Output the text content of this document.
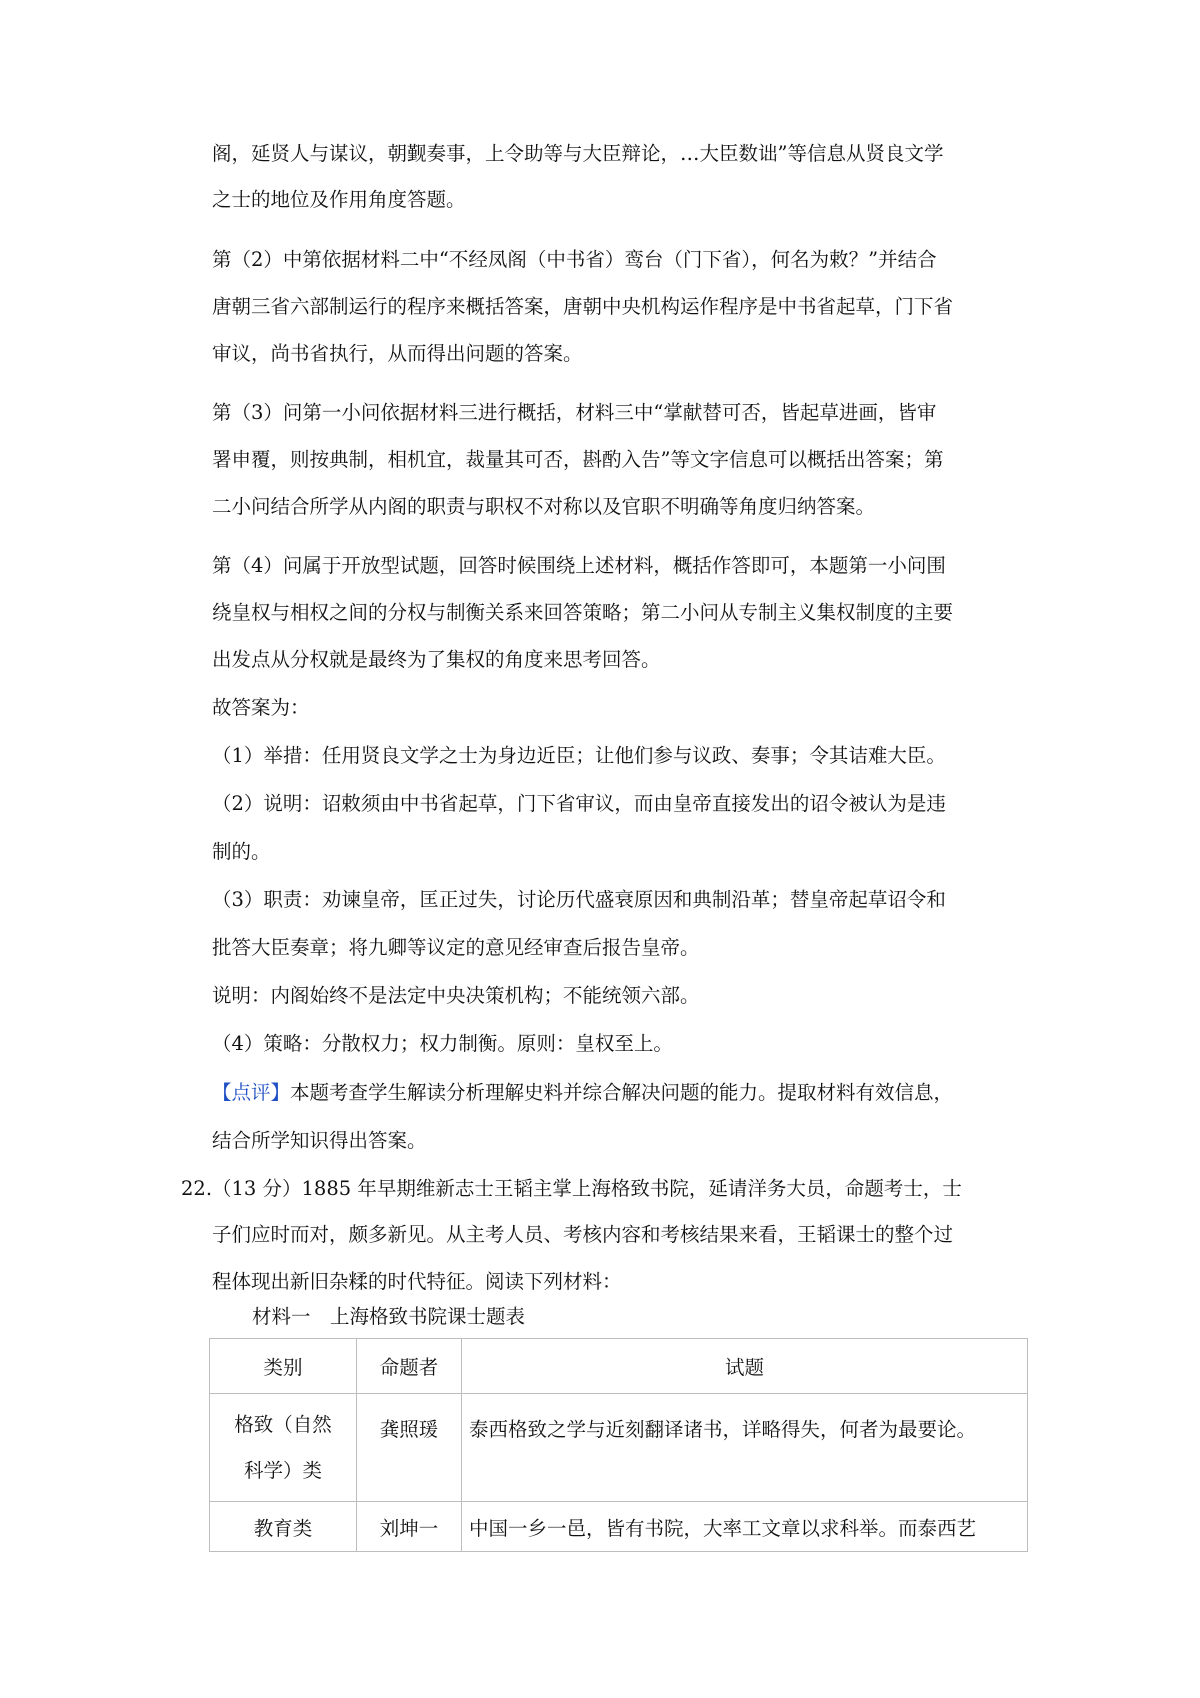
阁，延贤人与谋议，朝觐奏事，上令助等与大臣辩论，…大臣数诎”等信息从贤良文学
之士的地位及作用角度答题。
第（2）中第依据材料二中“不经凤阁（中书省）鸾台（门下省），何名为敕？”并结合
唐朝三省六部制运行的程序来概括答案，唐朝中央机构运作程序是中书省起草，门下省
审议，尚书省执行，从而得出问题的答案。
第（3）问第一小问依据材料三进行概括，材料三中“掌献替可否，皆起草进画，皆审
署申覆，则按典制，相机宜，裁量其可否，斟酌入告”等文字信息可以概括出答案；第
二小问结合所学从内阁的职责与职权不对称以及官职不明确等角度归纳答案。
第（4）问属于开放型试题，回答时候围绕上述材料，概括作答即可，本题第一小问围
绕皇权与相权之间的分权与制衡关系来回答策略；第二小问从专制主义集权制度的主要
出发点从分权就是最终为了集权的角度来思考回答。
故答案为：
（1）举措：任用贤良文学之士为身边近臣；让他们参与议政、奏事；令其诘难大臣。
（2）说明：诏敕须由中书省起草，门下省审议，而由皇帝直接发出的诏令被认为是违
制的。
（3）职责：劝谏皇帝，匡正过失，讨论历代盛衰原因和典制沿革；替皇帝起草诏令和
批答大臣奏章；将九卿等议定的意见经审查后报告皇帝。
说明：内阁始终不是法定中央决策机构；不能统领六部。
（4）策略：分散权力；权力制衡。原则：皇权至上。
【点评】本题考查学生解读分析理解史料并综合解决问题的能力。提取材料有效信息，
结合所学知识得出答案。
22.（13 分）1885 年早期维新志士王韬主掌上海格致书院，延请洋务大员，命题考士，士
子们应时而对，颇多新见。从主考人员、考核内容和考核结果来看，王韬课士的整个过
程体现出新旧杂糅的时代特征。阅读下列材料：
材料一　上海格致书院课士题表
类别	命题者	试题

格致（自然
科学）类	龚照瑗	泰西格致之学与近刻翻译诸书，详略得失，何者为最要论。
教育类	刘坤一	中国一乡一邑，皆有书院，大率工文章以求科举。而泰西艺
